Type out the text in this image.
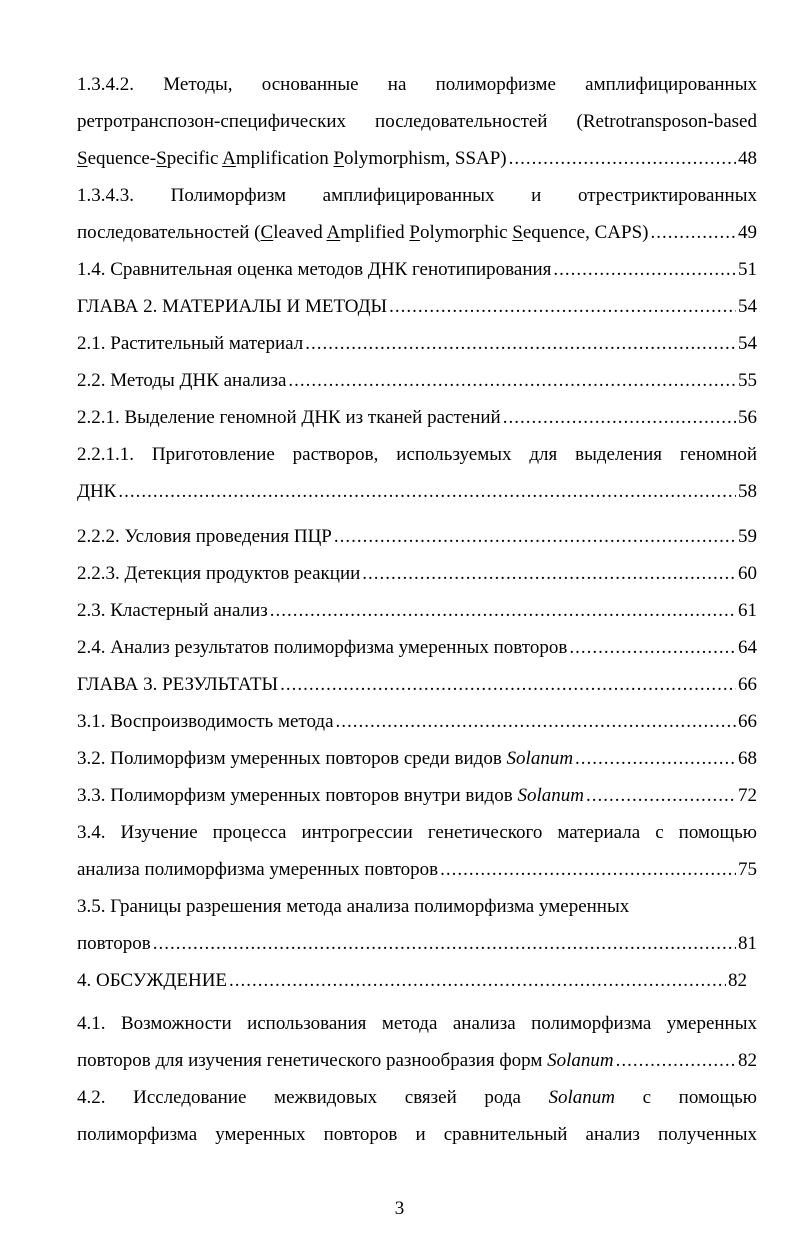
1.3.4.2. Методы, основанные на полиморфизме амплифицированных
ретротранспозон-специфических последовательностей (Retrotransposon-based
Sequence-Specific Amplification Polymorphism, SSAP) .....	48
1.3.4.3. Полиморфизм амплифицированных и отрестриктированных
последовательностей (Cleaved Amplified Polymorphic Sequence, CAPS) .....	49
1.4. Сравнительная оценка методов ДНК генотипирования .....	51
ГЛАВА 2. МАТЕРИАЛЫ И МЕТОДЫ .....	54
2.1. Растительный материал .....	54
2.2. Методы ДНК анализа .....	55
2.2.1. Выделение геномной ДНК из тканей растений .....	56
2.2.1.1. Приготовление растворов, используемых для выделения геномной
ДНК .....	58
2.2.2. Условия проведения ПЦР .....	59
2.2.3. Детекция продуктов реакции .....	60
2.3. Кластерный анализ .....	61
2.4. Анализ результатов полиморфизма умеренных повторов .....	64
ГЛАВА 3. РЕЗУЛЬТАТЫ .....	66
3.1. Воспроизводимость метода .....	66
3.2. Полиморфизм умеренных повторов среди видов Solanum .....	68
3.3. Полиморфизм умеренных повторов внутри видов Solanum .....	72
3.4. Изучение процесса интрогрессии генетического материала с помощью
анализа полиморфизма умеренных повторов .....	75
3.5. Границы разрешения метода анализа полиморфизма умеренных
повторов .....	81
4. ОБСУЖДЕНИЕ .....	82
4.1. Возможности использования метода анализа полиморфизма умеренных
повторов для изучения генетического разнообразия форм Solanum .....	82
4.2. Исследование межвидовых связей рода Solanum с помощью
полиморфизма умеренных повторов и сравнительный анализ полученных
3
